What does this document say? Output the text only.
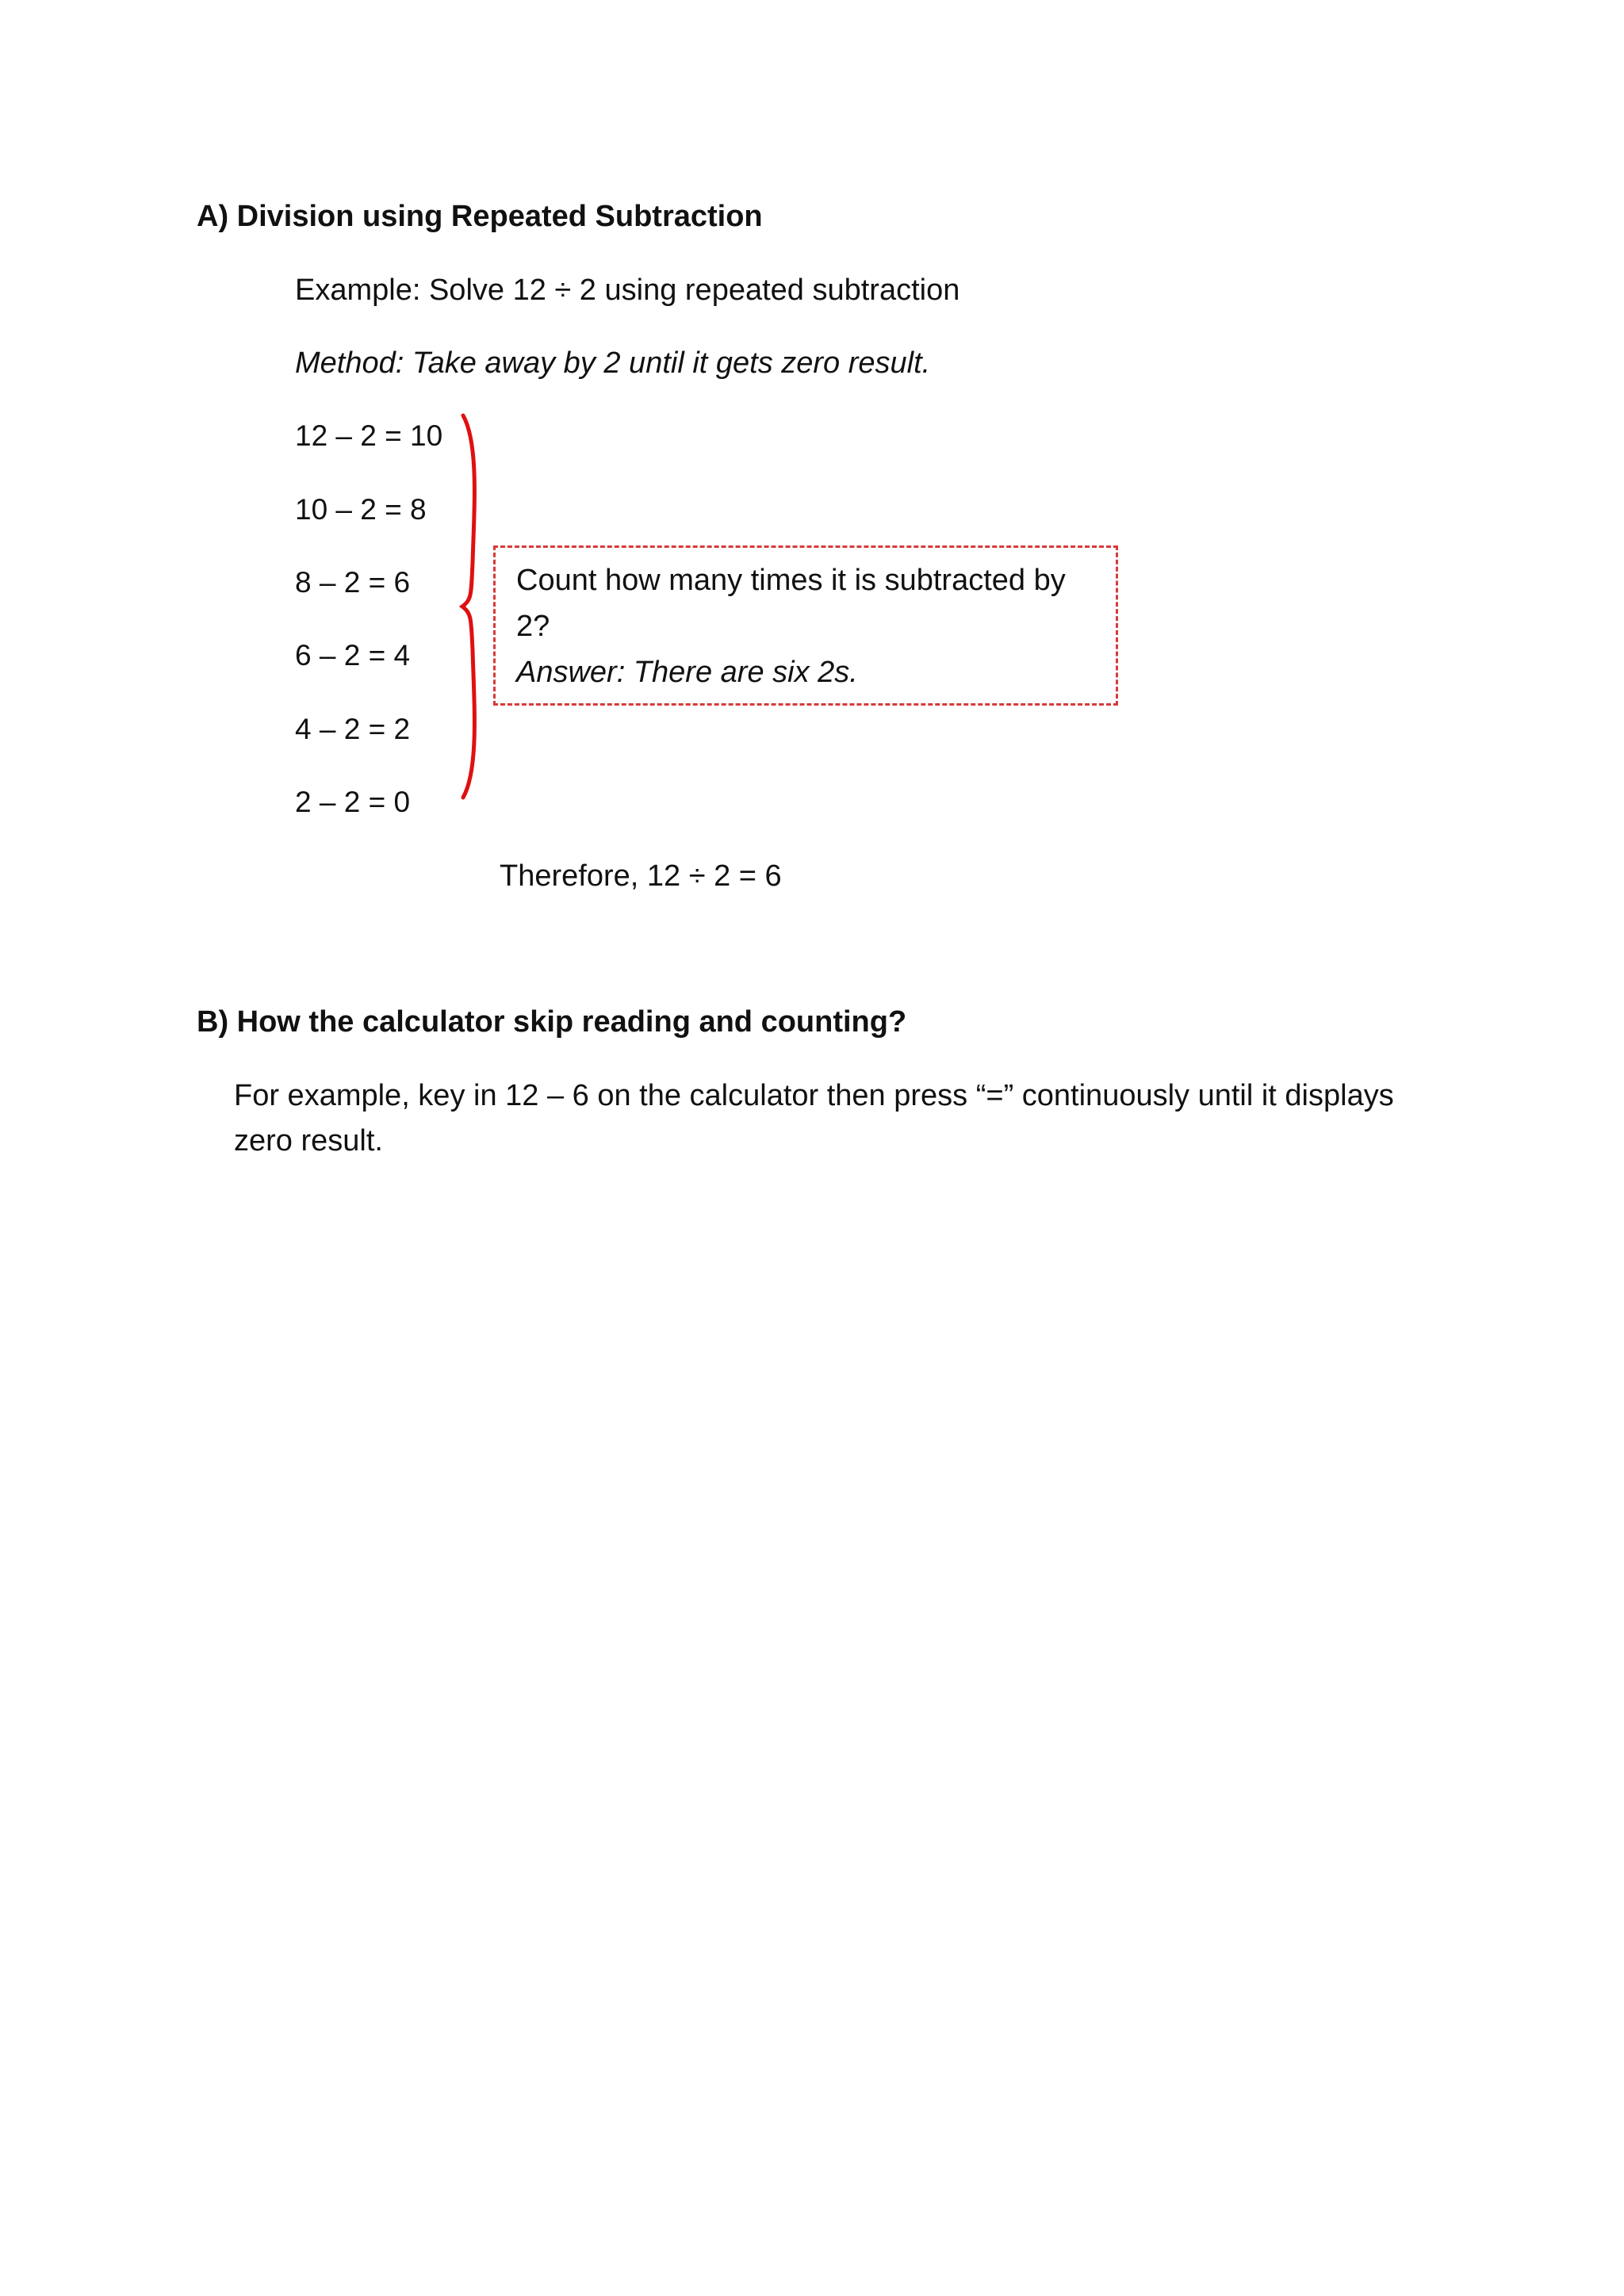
A) Division using Repeated Subtraction
Example: Solve 12 ÷ 2 using repeated subtraction
Method: Take away by 2 until it gets zero result.
12 – 2 = 10
10 – 2 = 8
8 – 2 = 6
6 – 2 = 4
4 – 2 = 2
2 – 2 = 0
Count how many times it is subtracted by
2?
Answer: There are six 2s.
Therefore, 12 ÷ 2 = 6
B) How the calculator skip reading and counting?
For example, key in 12 – 6 on the calculator then press “=” continuously until it displays
zero result.
